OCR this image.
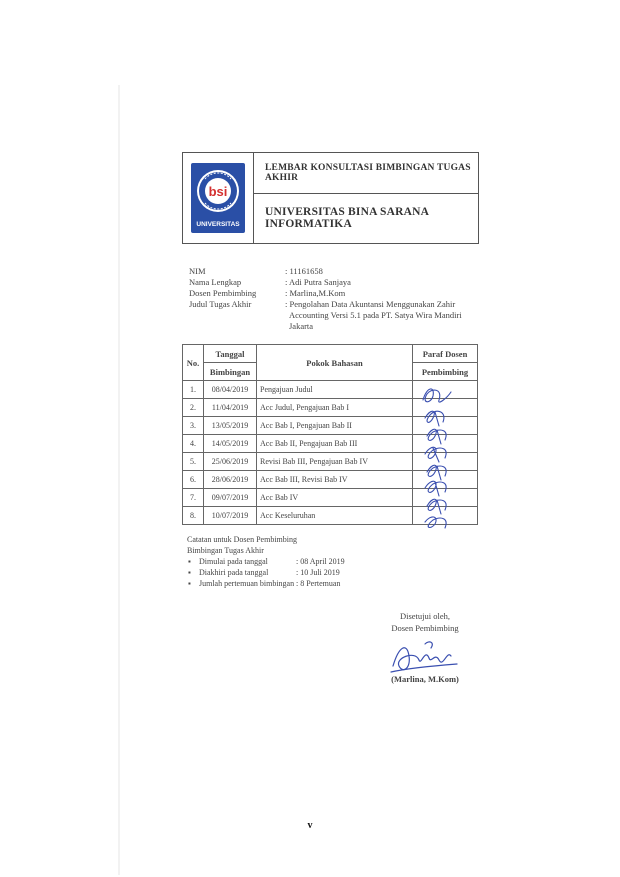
bsi
UNIVERSITAS
LEMBAR KONSULTASI BIMBINGAN TUGAS AKHIR
UNIVERSITAS BINA SARANA INFORMATIKA
NIM	: 11161658
Nama Lengkap	: Adi Putra Sanjaya
Dosen Pembimbing	: Marlina,M.Kom
Judul Tugas Akhir	: Pengolahan Data Akuntansi Menggunakan Zahir
Accounting Versi 5.1 pada PT. Satya Wira Mandiri
Jakarta
No.	Tanggal	Pokok Bahasan	Paraf Dosen
	Bimbingan		Pembimbing
1.	08/04/2019	Pengajuan Judul	
2.	11/04/2019	Acc Judul, Pengajuan Bab I	
3.	13/05/2019	Acc Bab I, Pengajuan Bab II	
4.	14/05/2019	Acc Bab II, Pengajuan Bab III	
5.	25/06/2019	Revisi Bab III, Pengajuan Bab IV	
6.	28/06/2019	Acc Bab III, Revisi Bab IV	
7.	09/07/2019	Acc Bab IV	
8.	10/07/2019	Acc Keseluruhan	
Catatan untuk Dosen Pembimbing
Bimbingan Tugas Akhir
▪ Dimulai pada tanggal	: 08 April 2019
▪ Diakhiri pada tanggal	: 10 Juli 2019
▪ Jumlah pertemuan bimbingan : 8 Pertemuan
Disetujui oleh,
Dosen Pembimbing
(Marlina, M.Kom)
v
